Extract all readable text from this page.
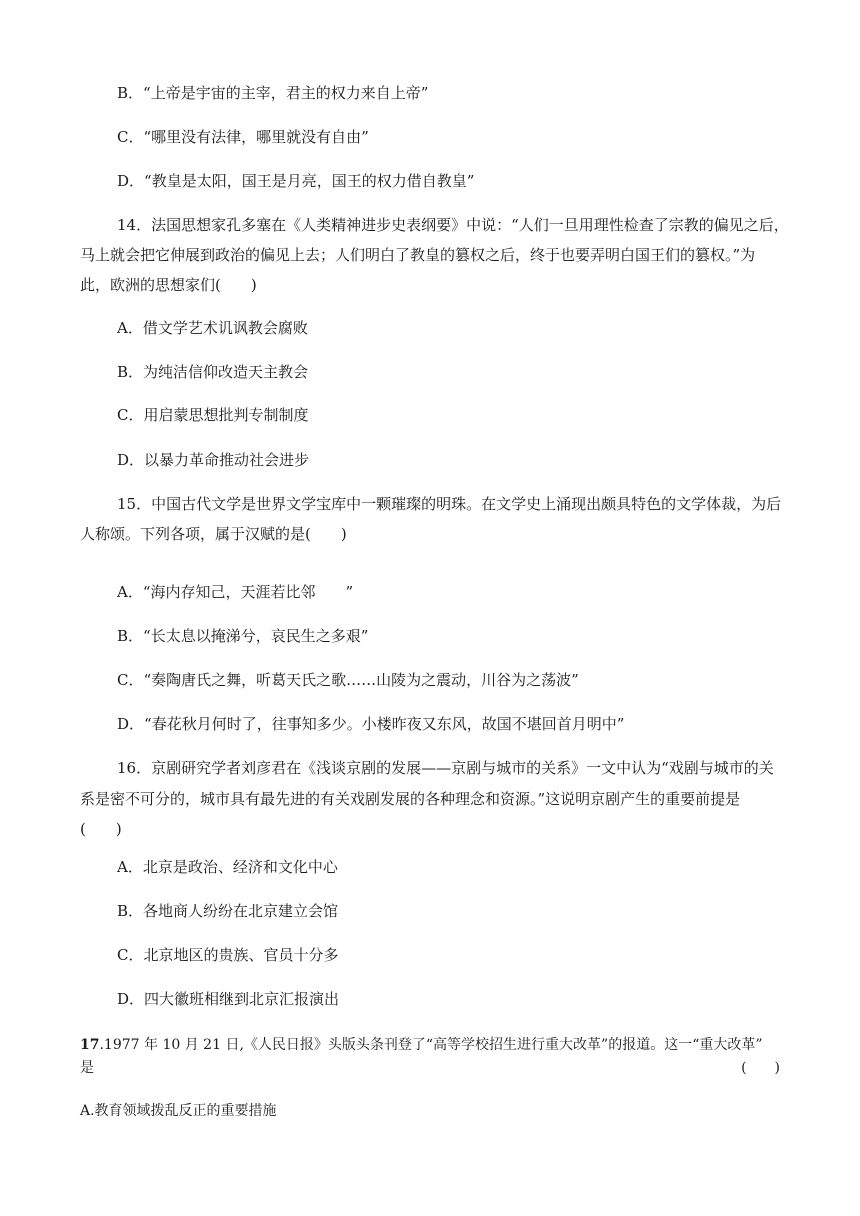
B．“上帝是宇宙的主宰，君主的权力来自上帝”
C．“哪里没有法律，哪里就没有自由”
D．“教皇是太阳，国王是月亮，国王的权力借自教皇”
14．法国思想家孔多塞在《人类精神进步史表纲要》中说：“人们一旦用理性检查了宗教的偏见之后，
马上就会把它伸展到政治的偏见上去；人们明白了教皇的篡权之后，终于也要弄明白国王们的篡权。”为
此，欧洲的思想家们(　　)
A．借文学艺术讥讽教会腐败
B．为纯洁信仰改造天主教会
C．用启蒙思想批判专制制度
D．以暴力革命推动社会进步
15．中国古代文学是世界文学宝库中一颗璀璨的明珠。在文学史上涌现出颇具特色的文学体裁，为后
人称颂。下列各项，属于汉赋的是(　　)
A．“海内存知己，天涯若比邻　　”
B．“长太息以掩涕兮，哀民生之多艰”
C．“奏陶唐氏之舞，听葛天氏之歌……山陵为之震动，川谷为之荡波”
D．“春花秋月何时了，往事知多少。小楼昨夜又东风，故国不堪回首月明中”
16．京剧研究学者刘彦君在《浅谈京剧的发展——京剧与城市的关系》一文中认为“戏剧与城市的关
系是密不可分的，城市具有最先进的有关戏剧发展的各种理念和资源。”这说明京剧产生的重要前提是
(　　)
A．北京是政治、经济和文化中心
B．各地商人纷纷在北京建立会馆
C．北京地区的贵族、官员十分多
D．四大徽班相继到北京汇报演出
17.1977 年 10 月 21 日,《人民日报》头版头条刊登了“高等学校招生进行重大改革”的报道。这一“重大改革”
是	(　　)
A.教育领域拨乱反正的重要措施
